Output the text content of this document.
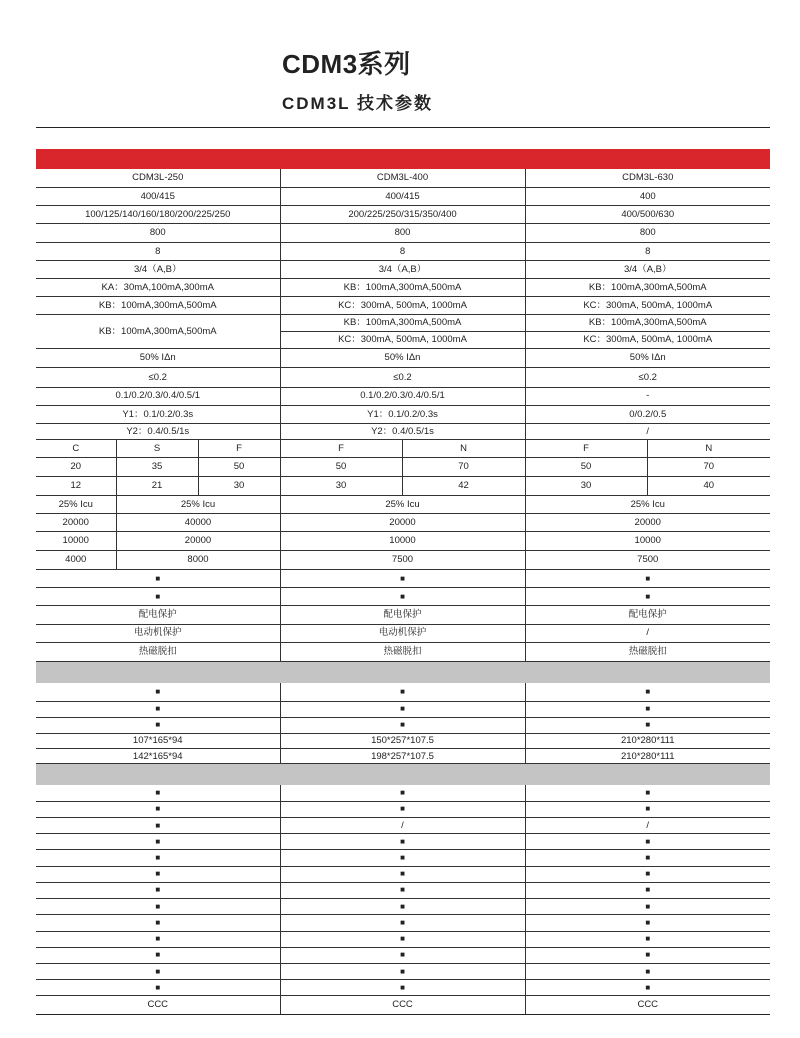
CDM3系列
CDM3L 技术参数

CDM3L-250			CDM3L-400		CDM3L-630	
400/415			400/415		400	
100/125/140/160/180/200/225/250			200/225/250/315/350/400		400/500/630	
800			800		800	
8			8		8	
3/4（A,B）			3/4（A,B）		3/4（A,B）	
KA：30mA,100mA,300mA			KB：100mA,300mA,500mA		KB：100mA,300mA,500mA	
KB：100mA,300mA,500mA			KC：300mA, 500mA, 1000mA		KC：300mA, 500mA, 1000mA	
KB：100mA,300mA,500mA			KB：100mA,300mA,500mA		KB：100mA,300mA,500mA	
			KC：300mA, 500mA, 1000mA		KC：300mA, 500mA, 1000mA	
50% IΔn			50% IΔn		50% IΔn	
≤0.2			≤0.2		≤0.2	
0.1/0.2/0.3/0.4/0.5/1			0.1/0.2/0.3/0.4/0.5/1		-	
Y1：0.1/0.2/0.3s			Y1：0.1/0.2/0.3s		0/0.2/0.5	
Y2：0.4/0.5/1s			Y2：0.4/0.5/1s		/	
C	S	F	F	N	F	N
20	35	50	50	70	50	70
12	21	30	30	42	30	40
25% Icu	25% Icu		25% Icu		25% Icu	
20000	40000		20000		20000	
10000	20000		10000		10000	
4000	8000		7500		7500	
■			■		■	
■			■		■	
配电保护			配电保护		配电保护	
电动机保护			电动机保护		/	
热磁脱扣			热磁脱扣		热磁脱扣	

■			■		■	
■			■		■	
■			■		■	
107*165*94			150*257*107.5		210*280*111	
142*165*94			198*257*107.5		210*280*111	

■			■		■	
■			■		■	
■			/		/	
■			■		■	
■			■		■	
■			■		■	
■			■		■	
■			■		■	
■			■		■	
■			■		■	
■			■		■	
■			■		■	
■			■		■	
CCC			CCC		CCC	
